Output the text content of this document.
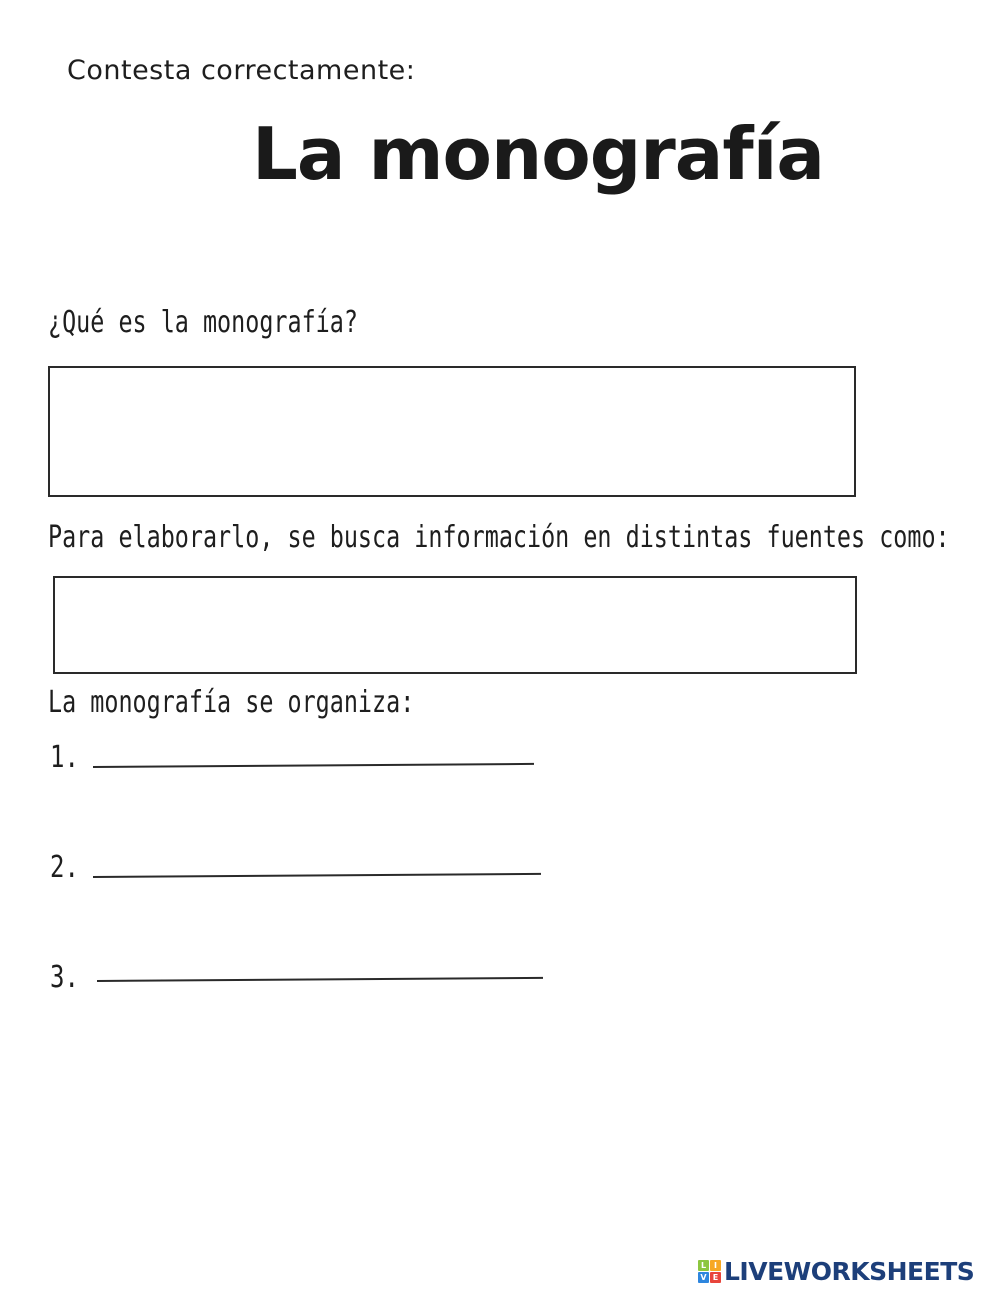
Contesta correctamente:
La monografía
¿Qué es la monografía?
Para elaborarlo, se busca información en distintas fuentes como:
La monografía se organiza:
1.
2.
3.
L I
V E LIVEWORKSHEETS
